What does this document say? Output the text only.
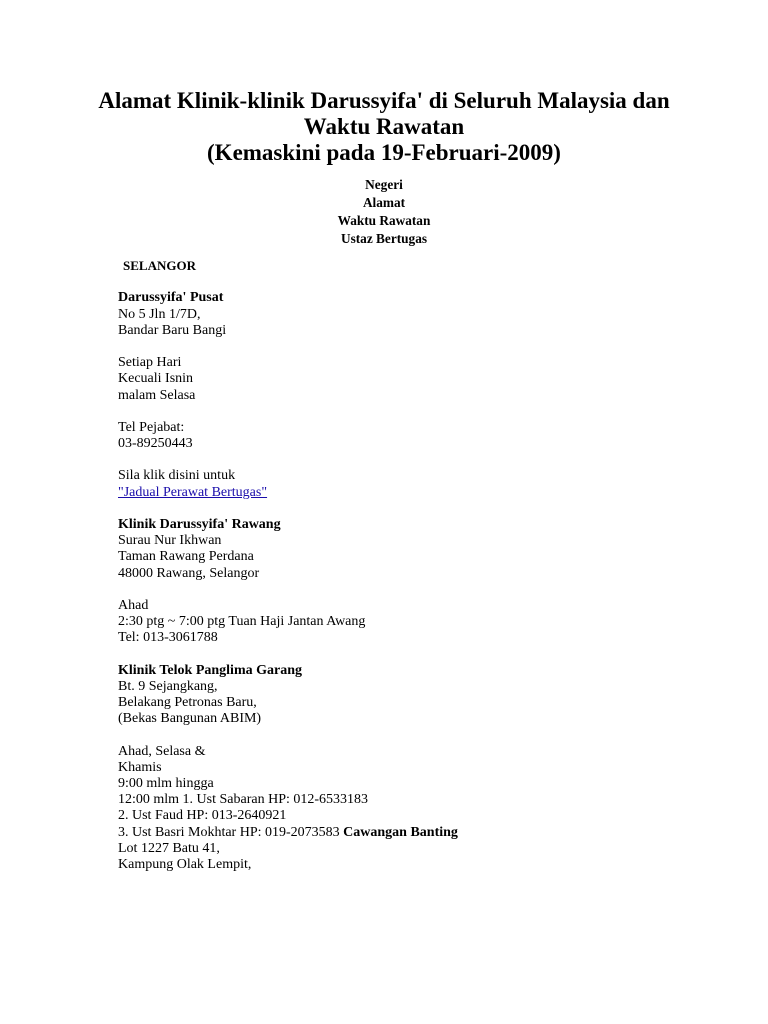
Alamat Klinik-klinik Darussyifa' di Seluruh Malaysia dan
Waktu Rawatan
(Kemaskini pada 19-Februari-2009)
Negeri
Alamat
Waktu Rawatan
Ustaz Bertugas
SELANGOR
Darussyifa' Pusat
No 5 Jln 1/7D,
Bandar Baru Bangi
Setiap Hari
Kecuali Isnin
malam Selasa
Tel Pejabat:
03-89250443
Sila klik disini untuk
"Jadual Perawat Bertugas"
Klinik Darussyifa' Rawang
Surau Nur Ikhwan
Taman Rawang Perdana
48000 Rawang, Selangor
Ahad
2:30 ptg ~ 7:00 ptg Tuan Haji Jantan Awang
Tel: 013-3061788
Klinik Telok Panglima Garang
Bt. 9 Sejangkang,
Belakang Petronas Baru,
(Bekas Bangunan ABIM)
Ahad, Selasa &
Khamis
9:00 mlm hingga
12:00 mlm 1. Ust Sabaran HP: 012-6533183
2. Ust Faud HP: 013-2640921
3. Ust Basri Mokhtar HP: 019-2073583 Cawangan Banting
Lot 1227 Batu 41,
Kampung Olak Lempit,
